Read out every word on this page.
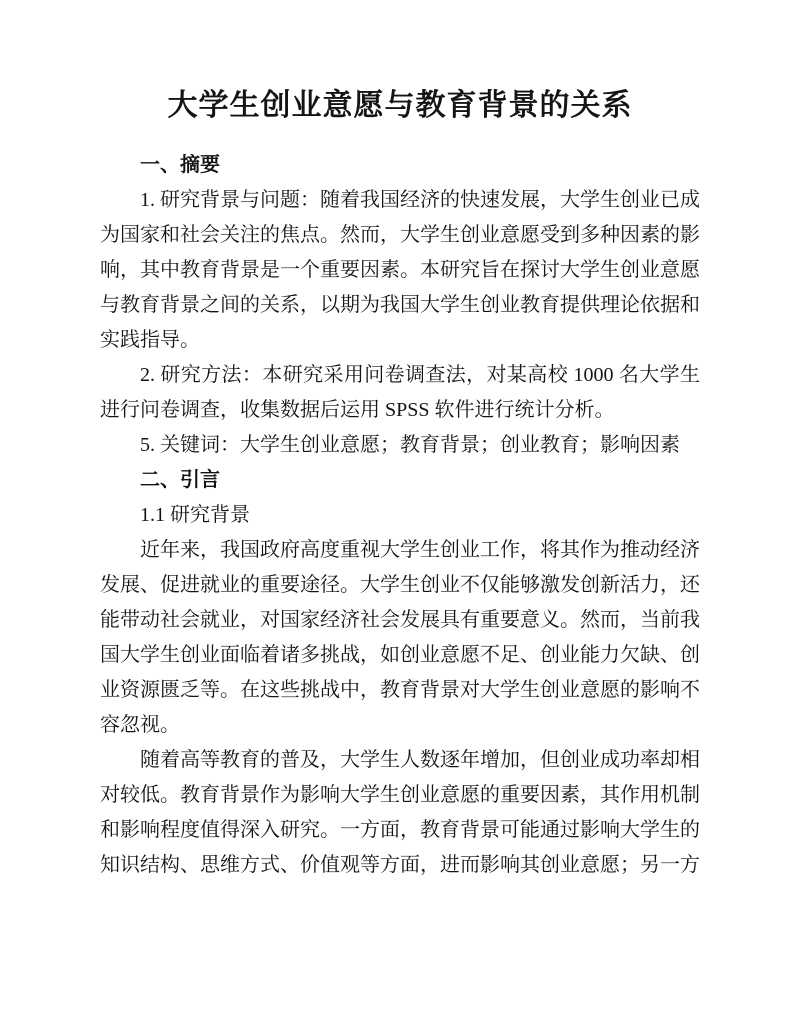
大学生创业意愿与教育背景的关系
一、摘要

1. 研究背景与问题：随着我国经济的快速发展，大学生创业已成为国家和社会关注的焦点。然而，大学生创业意愿受到多种因素的影响，其中教育背景是一个重要因素。本研究旨在探讨大学生创业意愿与教育背景之间的关系，以期为我国大学生创业教育提供理论依据和实践指导。

2. 研究方法：本研究采用问卷调查法，对某高校 1000 名大学生进行问卷调查，收集数据后运用 SPSS 软件进行统计分析。

5. 关键词：大学生创业意愿；教育背景；创业教育；影响因素

二、引言

1.1 研究背景

近年来，我国政府高度重视大学生创业工作，将其作为推动经济发展、促进就业的重要途径。大学生创业不仅能够激发创新活力，还能带动社会就业，对国家经济社会发展具有重要意义。然而，当前我国大学生创业面临着诸多挑战，如创业意愿不足、创业能力欠缺、创业资源匮乏等。在这些挑战中，教育背景对大学生创业意愿的影响不容忽视。

随着高等教育的普及，大学生人数逐年增加，但创业成功率却相对较低。教育背景作为影响大学生创业意愿的重要因素，其作用机制和影响程度值得深入研究。一方面，教育背景可能通过影响大学生的知识结构、思维方式、价值观等方面，进而影响其创业意愿；另一方
